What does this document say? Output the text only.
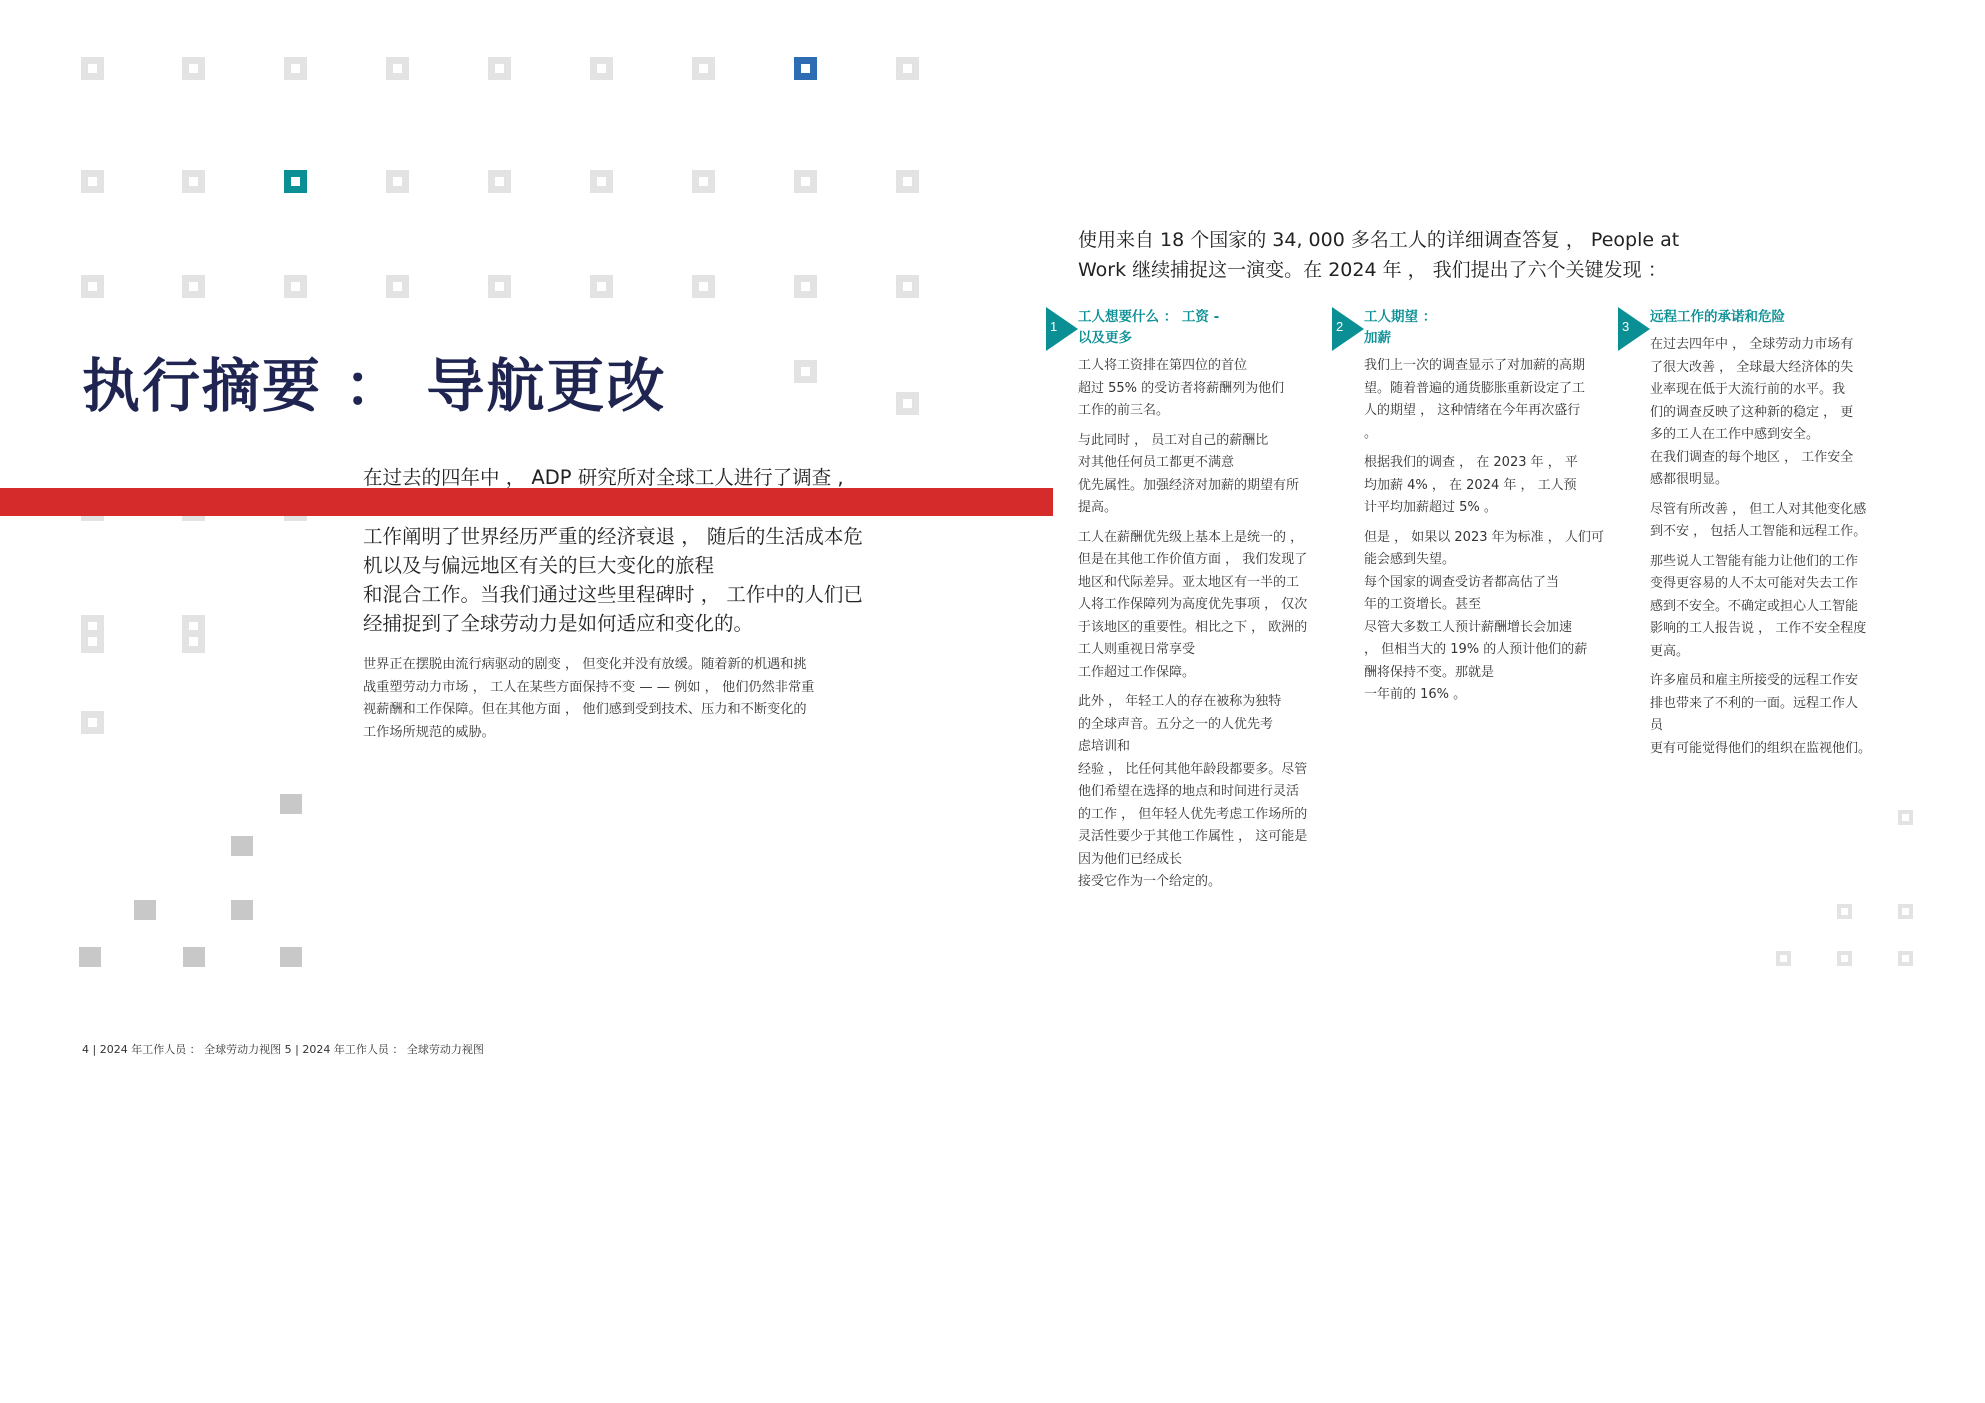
执行摘要 ： 导航更改

在过去的四年中 ， ADP 研究所对全球工人进行了调查 ,

工作阐明了世界经历严重的经济衰退 ， 随后的生活成本危

机以及与偏远地区有关的巨大变化的旅程

和混合工作。当我们通过这些里程碑时 ， 工作中的人们已

经捕捉到了全球劳动力是如何适应和变化的。

世界正在摆脱由流行病驱动的剧变 ， 但变化并没有放缓。随着新的机遇和挑

战重塑劳动力市场 ， 工人在某些方面保持不变 — — 例如 ， 他们仍然非常重

视薪酬和工作保障。但在其他方面 ， 他们感到受到技术、压力和不断变化的

工作场所规范的威胁。

使用来自 18 个国家的 34, 000 多名工人的详细调查答复 ， People at

Work 继续捕捉这一演变。在 2024 年 ， 我们提出了六个关键发现 ：

1
工人想要什么 ： 工资 -
以及更多

工人将工资排在第四位的首位
超过 55% 的受访者将薪酬列为他们
工作的前三名。

与此同时 ， 员工对自己的薪酬比
对其他任何员工都更不满意
优先属性。加强经济对加薪的期望有所
提高。

工人在薪酬优先级上基本上是统一的 ，
但是在其他工作价值方面 ， 我们发现了
地区和代际差异。亚太地区有一半的工
人将工作保障列为高度优先事项 ， 仅次
于该地区的重要性。相比之下 ， 欧洲的
工人则重视日常享受
工作超过工作保障。

此外 ， 年轻工人的存在被称为独特
的全球声音。五分之一的人优先考
虑培训和
经验 ， 比任何其他年龄段都要多。尽管
他们希望在选择的地点和时间进行灵活
的工作 ， 但年轻人优先考虑工作场所的
灵活性要少于其他工作属性 ， 这可能是
因为他们已经成长
接受它作为一个给定的。

2
工人期望 ：
加薪

我们上一次的调查显示了对加薪的高期
望。随着普遍的通货膨胀重新设定了工
人的期望 ， 这种情绪在今年再次盛行
。

根据我们的调查 ， 在 2023 年 ， 平
均加薪 4% ， 在 2024 年 ， 工人预
计平均加薪超过 5% 。

但是 ， 如果以 2023 年为标准 ， 人们可
能会感到失望。
每个国家的调查受访者都高估了当
年的工资增长。甚至
尽管大多数工人预计薪酬增长会加速
， 但相当大的 19% 的人预计他们的薪
酬将保持不变。那就是
一年前的 16% 。

3
远程工作的承诺和危险

在过去四年中 ， 全球劳动力市场有
了很大改善 ， 全球最大经济体的失
业率现在低于大流行前的水平。我
们的调查反映了这种新的稳定 ， 更
多的工人在工作中感到安全。
在我们调查的每个地区 ， 工作安全
感都很明显。

尽管有所改善 ， 但工人对其他变化感
到不安 ， 包括人工智能和远程工作。

那些说人工智能有能力让他们的工作
变得更容易的人不太可能对失去工作
感到不安全。不确定或担心人工智能
影响的工人报告说 ， 工作不安全程度
更高。

许多雇员和雇主所接受的远程工作安
排也带来了不利的一面。远程工作人
员
更有可能觉得他们的组织在监视他们。

4 | 2024 年工作人员 ： 全球劳动力视图 5 | 2024 年工作人员 ： 全球劳动力视图
